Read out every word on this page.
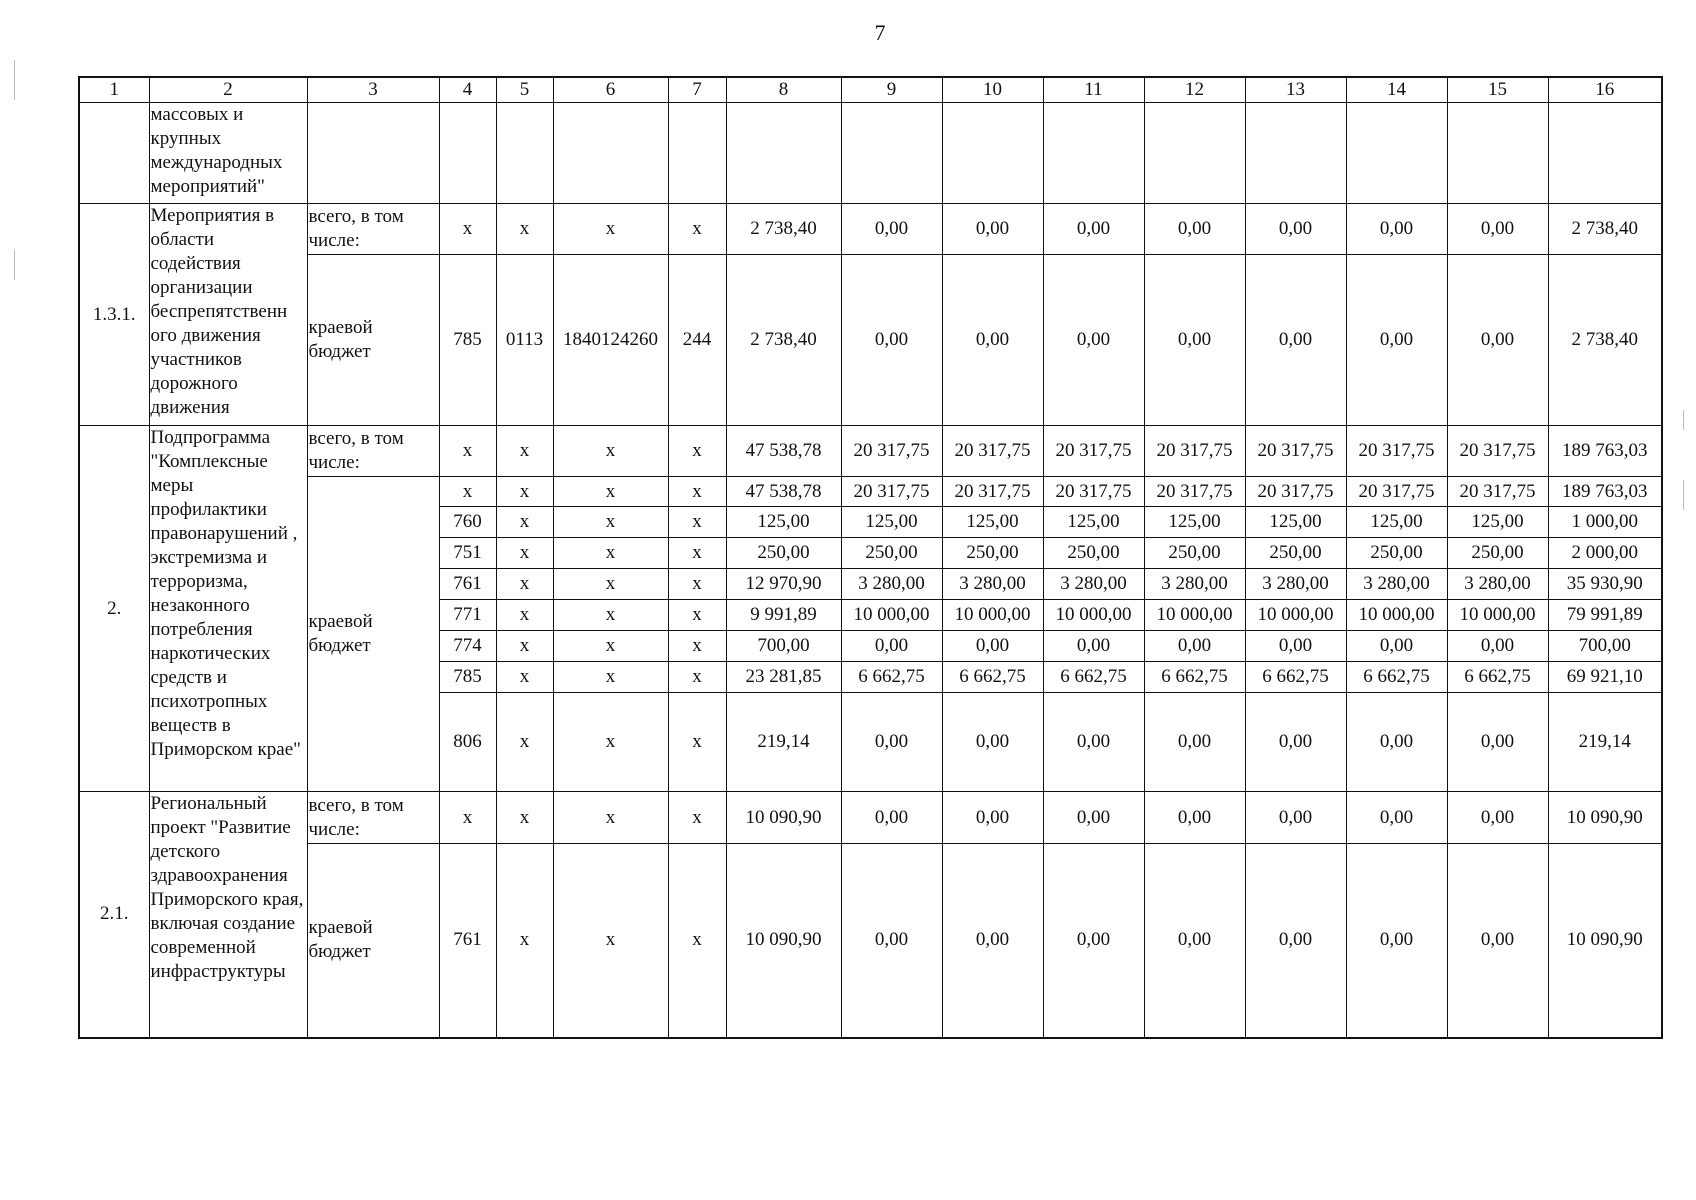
7
1	2	3	4	5	6	7	8	9	10	11	12	13	14	15	16
	массовых и крупных международных мероприятий"														
1.3.1.	Мероприятия в области содействия организации беспрепятственн ого движения участников дорожного движения	всего, в том числе:	x	x	x	x	2 738,40	0,00	0,00	0,00	0,00	0,00	0,00	0,00	2 738,40
		краевой бюджет	785	0113	1840124260	244	2 738,40	0,00	0,00	0,00	0,00	0,00	0,00	0,00	2 738,40
2.	Подпрограмма "Комплексные меры профилактики правонарушений , экстремизма и терроризма, незаконного потребления наркотических средств и психотропных веществ в Приморском крае"	всего, в том числе:	x	x	x	x	47 538,78	20 317,75	20 317,75	20 317,75	20 317,75	20 317,75	20 317,75	20 317,75	189 763,03
		краевой бюджет	x	x	x	x	47 538,78	20 317,75	20 317,75	20 317,75	20 317,75	20 317,75	20 317,75	20 317,75	189 763,03
			760	x	x	x	125,00	125,00	125,00	125,00	125,00	125,00	125,00	125,00	1 000,00
			751	x	x	x	250,00	250,00	250,00	250,00	250,00	250,00	250,00	250,00	2 000,00
			761	x	x	x	12 970,90	3 280,00	3 280,00	3 280,00	3 280,00	3 280,00	3 280,00	3 280,00	35 930,90
			771	x	x	x	9 991,89	10 000,00	10 000,00	10 000,00	10 000,00	10 000,00	10 000,00	10 000,00	79 991,89
			774	x	x	x	700,00	0,00	0,00	0,00	0,00	0,00	0,00	0,00	700,00
			785	x	x	x	23 281,85	6 662,75	6 662,75	6 662,75	6 662,75	6 662,75	6 662,75	6 662,75	69 921,10
			806	x	x	x	219,14	0,00	0,00	0,00	0,00	0,00	0,00	0,00	219,14
2.1.	Региональный проект "Развитие детского здравоохранения Приморского края, включая создание современной инфраструктуры	всего, в том числе:	x	x	x	x	10 090,90	0,00	0,00	0,00	0,00	0,00	0,00	0,00	10 090,90
		краевой бюджет	761	x	x	x	10 090,90	0,00	0,00	0,00	0,00	0,00	0,00	0,00	10 090,90
